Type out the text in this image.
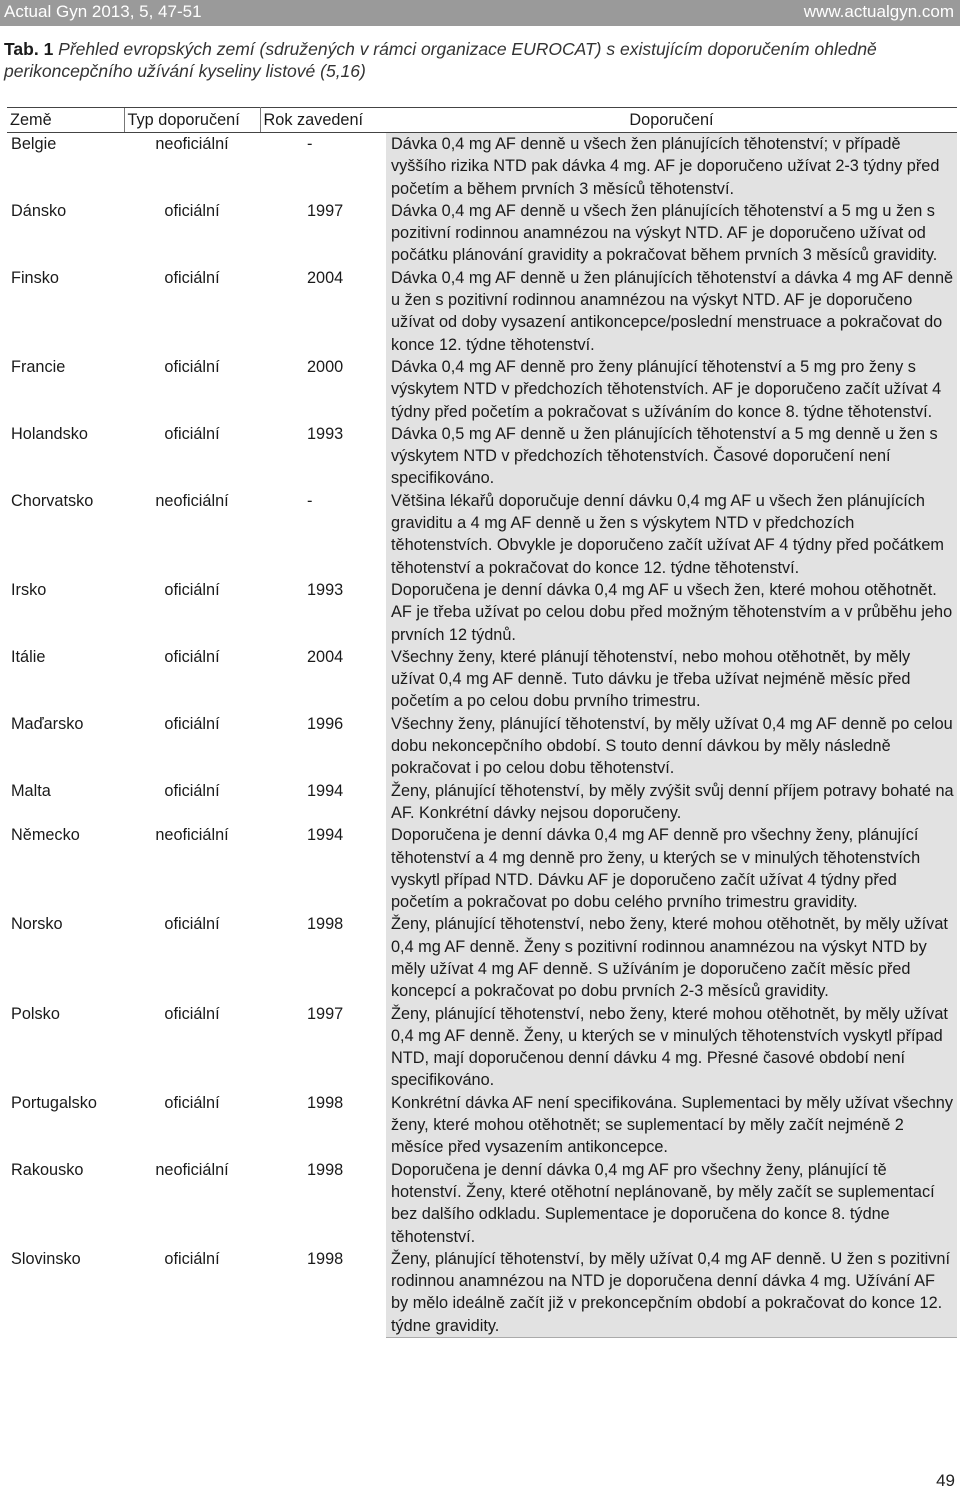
Actual Gyn 2013, 5, 47-51	www.actualgyn.com
Tab. 1 Přehled evropských zemí (sdružených v rámci organizace EUROCAT) s existujícím doporučením ohledně perikoncepčního užívání kyseliny listové (5,16)
Země	Typ doporučení	Rok zavedení	Doporučení
Belgie	neoficiální	-	Dávka 0,4 mg AF denně u všech žen plánujících těhotenství; v případě vyššího rizika NTD pak dávka 4 mg. AF je doporučeno užívat 2-3 týdny před početím a během prvních 3 měsíců těhotenství.
Dánsko	oficiální	1997	Dávka 0,4 mg AF denně u všech žen plánujících těhotenství a 5 mg u žen s pozitivní rodinnou anamnézou na výskyt NTD. AF je doporučeno užívat od počátku plánování gravidity a pokračovat během prvních 3 měsíců gravidity.
Finsko	oficiální	2004	Dávka 0,4 mg AF denně u žen plánujících těhotenství a dávka 4 mg AF denně u žen s pozitivní rodinnou anamnézou na výskyt NTD. AF je doporučeno užívat od doby vysazení antikoncepce/poslední menstruace a pokračovat do konce 12. týdne těhotenství.
Francie	oficiální	2000	Dávka 0,4 mg AF denně pro ženy plánující těhotenství a 5 mg pro ženy s výskytem NTD v předchozích těhotenstvích. AF je doporučeno začít užívat 4 týdny před početím a pokračovat s užíváním do konce 8. týdne těhotenství.
Holandsko	oficiální	1993	Dávka 0,5 mg AF denně u žen plánujících těhotenství a 5 mg denně u žen s výskytem NTD v předchozích těhotenstvích. Časové doporučení není specifikováno.
Chorvatsko	neoficiální	-	Většina lékařů doporučuje denní dávku 0,4 mg AF u všech žen plánujících graviditu a 4 mg AF denně u žen s výskytem NTD v předchozích těhotenstvích. Obvykle je doporučeno začít užívat AF 4 týdny před počátkem těhotenství a pokračovat do konce 12. týdne těhotenství.
Irsko	oficiální	1993	Doporučena je denní dávka 0,4 mg AF u všech žen, které mohou otěhotnět. AF je třeba užívat po celou dobu před možným těhotenstvím a v průběhu jeho prvních 12 týdnů.
Itálie	oficiální	2004	Všechny ženy, které plánují těhotenství, nebo mohou otěhotnět, by měly užívat 0,4 mg AF denně. Tuto dávku je třeba užívat nejméně měsíc před početím a po celou dobu prvního trimestru.
Maďarsko	oficiální	1996	Všechny ženy, plánující těhotenství, by měly užívat 0,4 mg AF denně po celou dobu nekoncepčního období. S touto denní dávkou by měly následně pokračovat i po celou dobu těhotenství.
Malta	oficiální	1994	Ženy, plánující těhotenství, by měly zvýšit svůj denní příjem potravy bohaté na AF. Konkrétní dávky nejsou doporučeny.
Německo	neoficiální	1994	Doporučena je denní dávka 0,4 mg AF denně pro všechny ženy, plánující těhotenství a 4 mg denně pro ženy, u kterých se v minulých těhotenstvích vyskytl případ NTD. Dávku AF je doporučeno začít užívat 4 týdny před početím a pokračovat po dobu celého prvního trimestru gravidity.
Norsko	oficiální	1998	Ženy, plánující těhotenství, nebo ženy, které mohou otěhotnět, by měly užívat 0,4 mg AF denně. Ženy s pozitivní rodinnou anamnézou na výskyt NTD by měly užívat 4 mg AF denně. S užíváním je doporučeno začít měsíc před koncepcí a pokračovat po dobu prvních 2-3 měsíců gravidity.
Polsko	oficiální	1997	Ženy, plánující těhotenství, nebo ženy, které mohou otěhotnět, by měly užívat 0,4 mg AF denně. Ženy, u kterých se v minulých těhotenstvích vyskytl případ NTD, mají doporučenou denní dávku 4 mg. Přesné časové období není specifikováno.
Portugalsko	oficiální	1998	Konkrétní dávka AF není specifikována. Suplementaci by měly užívat všechny ženy, které mohou otěhotnět; se suplementací by měly začít nejméně 2 měsíce před vysazením antikoncepce.
Rakousko	neoficiální	1998	Doporučena je denní dávka 0,4 mg AF pro všechny ženy, plánující tě hotenství. Ženy, které otěhotní neplánovaně, by měly začít se suplementací bez dalšího odkladu. Suplementace je doporučena do konce 8. týdne těhotenství.
Slovinsko	oficiální	1998	Ženy, plánující těhotenství, by měly užívat 0,4 mg AF denně. U žen s pozitivní rodinnou anamnézou na NTD je doporučena denní dávka 4 mg. Užívání AF by mělo ideálně začít již v prekoncepčním období a pokračovat do konce 12. týdne gravidity.
49
